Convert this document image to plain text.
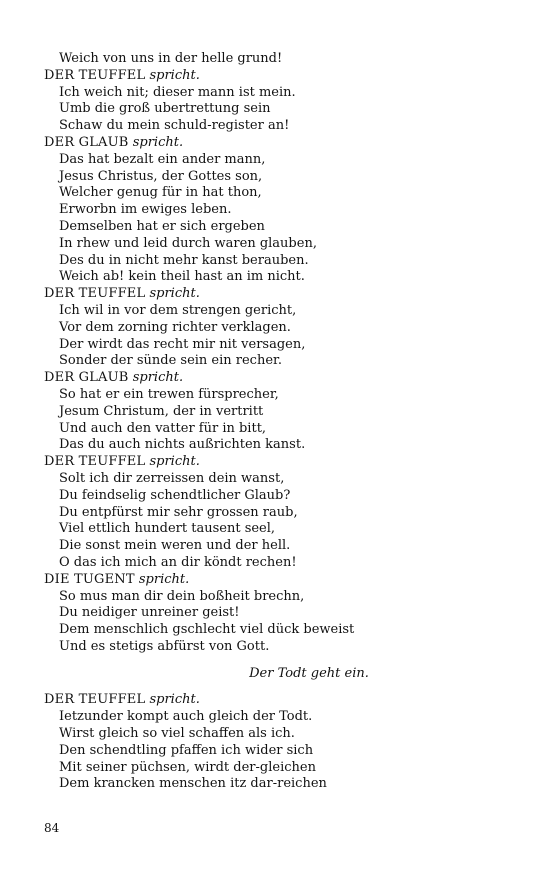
Weich von uns in der helle grund!
DER TEUFFEL spricht.
Ich weich nit; dieser mann ist mein.
Umb die groß ubertrettung sein
Schaw du mein schuld-register an!
DER GLAUB spricht.
Das hat bezalt ein ander mann,
Jesus Christus, der Gottes son,
Welcher genug für in hat thon,
Erworbn im ewiges leben.
Demselben hat er sich ergeben
In rhew und leid durch waren glauben,
Des du in nicht mehr kanst berauben.
Weich ab! kein theil hast an im nicht.
DER TEUFFEL spricht.
Ich wil in vor dem strengen gericht,
Vor dem zorning richter verklagen.
Der wirdt das recht mir nit versagen,
Sonder der sünde sein ein recher.
DER GLAUB spricht.
So hat er ein trewen fürsprecher,
Jesum Christum, der in vertritt
Und auch den vatter für in bitt,
Das du auch nichts außrichten kanst.
DER TEUFFEL spricht.
Solt ich dir zerreissen dein wanst,
Du feindselig schendtlicher Glaub?
Du entpfürst mir sehr grossen raub,
Viel ettlich hundert tausent seel,
Die sonst mein weren und der hell.
O das ich mich an dir köndt rechen!
DIE TUGENT spricht.
So mus man dir dein boßheit brechn,
Du neidiger unreiner geist!
Dem menschlich gschlecht viel dück beweist
Und es stetigs abfürst von Gott.
Der Todt geht ein.
DER TEUFFEL spricht.
Ietzunder kompt auch gleich der Todt.
Wirst gleich so viel schaffen als ich.
Den schendtling pfaffen ich wider sich
Mit seiner püchsen, wirdt der-gleichen
Dem krancken menschen itz dar-reichen
84
